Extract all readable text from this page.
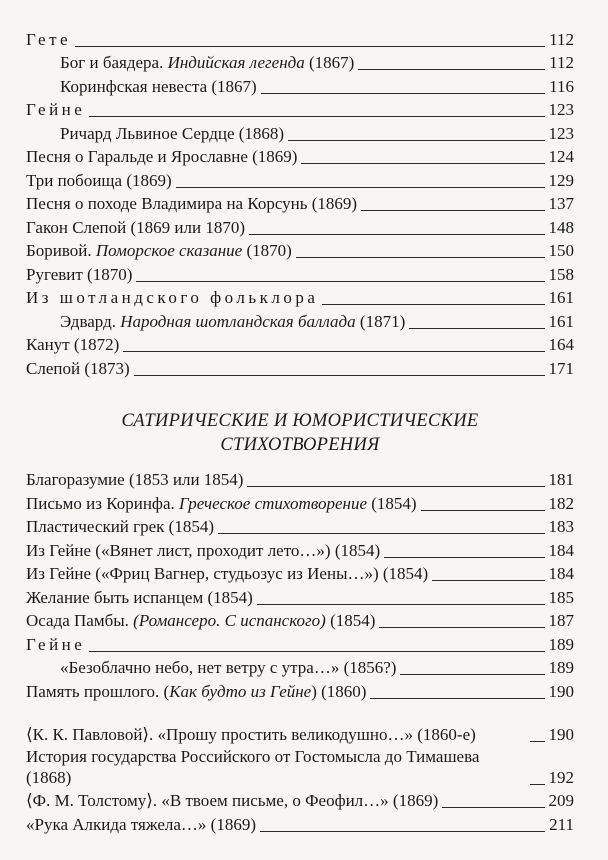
Гете	112
Бог и баядера. Индийская легенда (1867)	112
Коринфская невеста (1867)	116
Гейне	123
Ричард Львиное Сердце (1868)	123
Песня о Гаральде и Ярославне (1869)	124
Три побоища (1869)	129
Песня о походе Владимира на Корсунь (1869)	137
Гакон Слепой (1869 или 1870)	148
Боривой. Поморское сказание (1870)	150
Ругевит (1870)	158
Из шотландского фольклора	161
Эдвард. Народная шотландская баллада (1871)	161
Канут (1872)	164
Слепой (1873)	171
САТИРИЧЕСКИЕ И ЮМОРИСТИЧЕСКИЕ
СТИХОТВОРЕНИЯ
Благоразумие (1853 или 1854)	181
Письмо из Коринфа. Греческое стихотворение (1854)	182
Пластический грек (1854)	183
Из Гейне («Вянет лист, проходит лето…») (1854)	184
Из Гейне («Фриц Вагнер, студьозус из Иены…») (1854)	184
Желание быть испанцем (1854)	185
Осада Памбы. (Романсеро. С испанского) (1854)	187
Гейне	189
«Безоблачно небо, нет ветру с утра…» (1856?)	189
Память прошлого. (Как будто из Гейне) (1860)	190
⟨К. К. Павловой⟩. «Прошу простить великодушно…» (1860-е)	190
История государства Российского от Гостомысла до Тимашева (1868)	192
⟨Ф. М. Толстому⟩. «В твоем письме, о Феофил…» (1869)	209
«Рука Алкида тяжела…» (1869)	211
